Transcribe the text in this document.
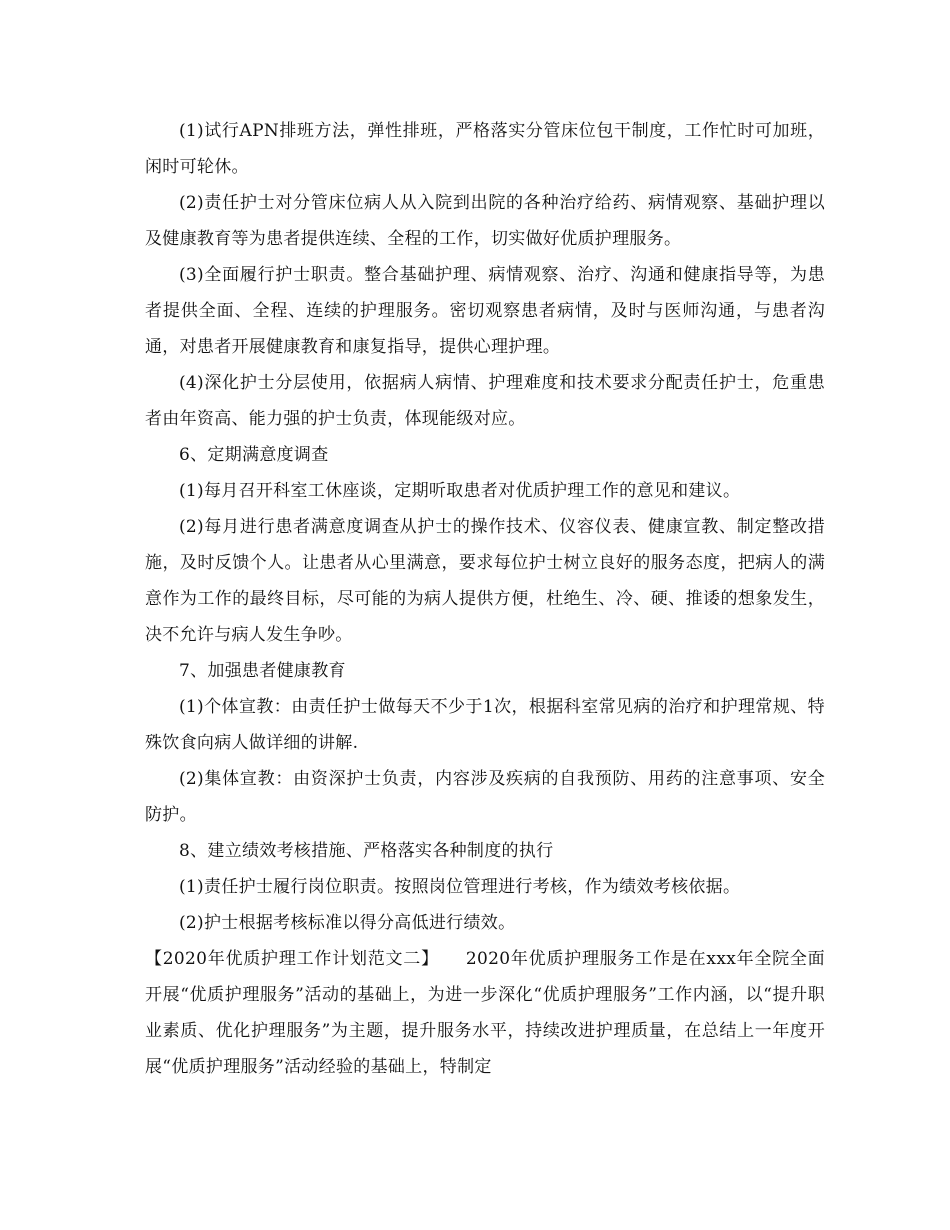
(1)试行APN排班方法，弹性排班，严格落实分管床位包干制度，工作忙时可加班，闲时可轮休。

(2)责任护士对分管床位病人从入院到出院的各种治疗给药、病情观察、基础护理以及健康教育等为患者提供连续、全程的工作，切实做好优质护理服务。

(3)全面履行护士职责。整合基础护理、病情观察、治疗、沟通和健康指导等，为患者提供全面、全程、连续的护理服务。密切观察患者病情，及时与医师沟通，与患者沟通，对患者开展健康教育和康复指导，提供心理护理。

(4)深化护士分层使用，依据病人病情、护理难度和技术要求分配责任护士，危重患者由年资高、能力强的护士负责，体现能级对应。

6、定期满意度调查

(1)每月召开科室工休座谈，定期听取患者对优质护理工作的意见和建议。

(2)每月进行患者满意度调查从护士的操作技术、仪容仪表、健康宣教、制定整改措施，及时反馈个人。让患者从心里满意，要求每位护士树立良好的服务态度，把病人的满意作为工作的最终目标，尽可能的为病人提供方便，杜绝生、冷、硬、推诿的想象发生，决不允许与病人发生争吵。

7、加强患者健康教育

(1)个体宣教：由责任护士做每天不少于1次，根据科室常见病的治疗和护理常规、特殊饮食向病人做详细的讲解.

(2)集体宣教：由资深护士负责，内容涉及疾病的自我预防、用药的注意事项、安全防护。

8、建立绩效考核措施、严格落实各种制度的执行

(1)责任护士履行岗位职责。按照岗位管理进行考核，作为绩效考核依据。

(2)护士根据考核标准以得分高低进行绩效。

【2020年优质护理工作计划范文二】　　2020年优质护理服务工作是在xxx年全院全面开展“优质护理服务”活动的基础上，为进一步深化“优质护理服务”工作内涵，以“提升职业素质、优化护理服务”为主题，提升服务水平，持续改进护理质量，在总结上一年度开展“优质护理服务”活动经验的基础上，特制定
